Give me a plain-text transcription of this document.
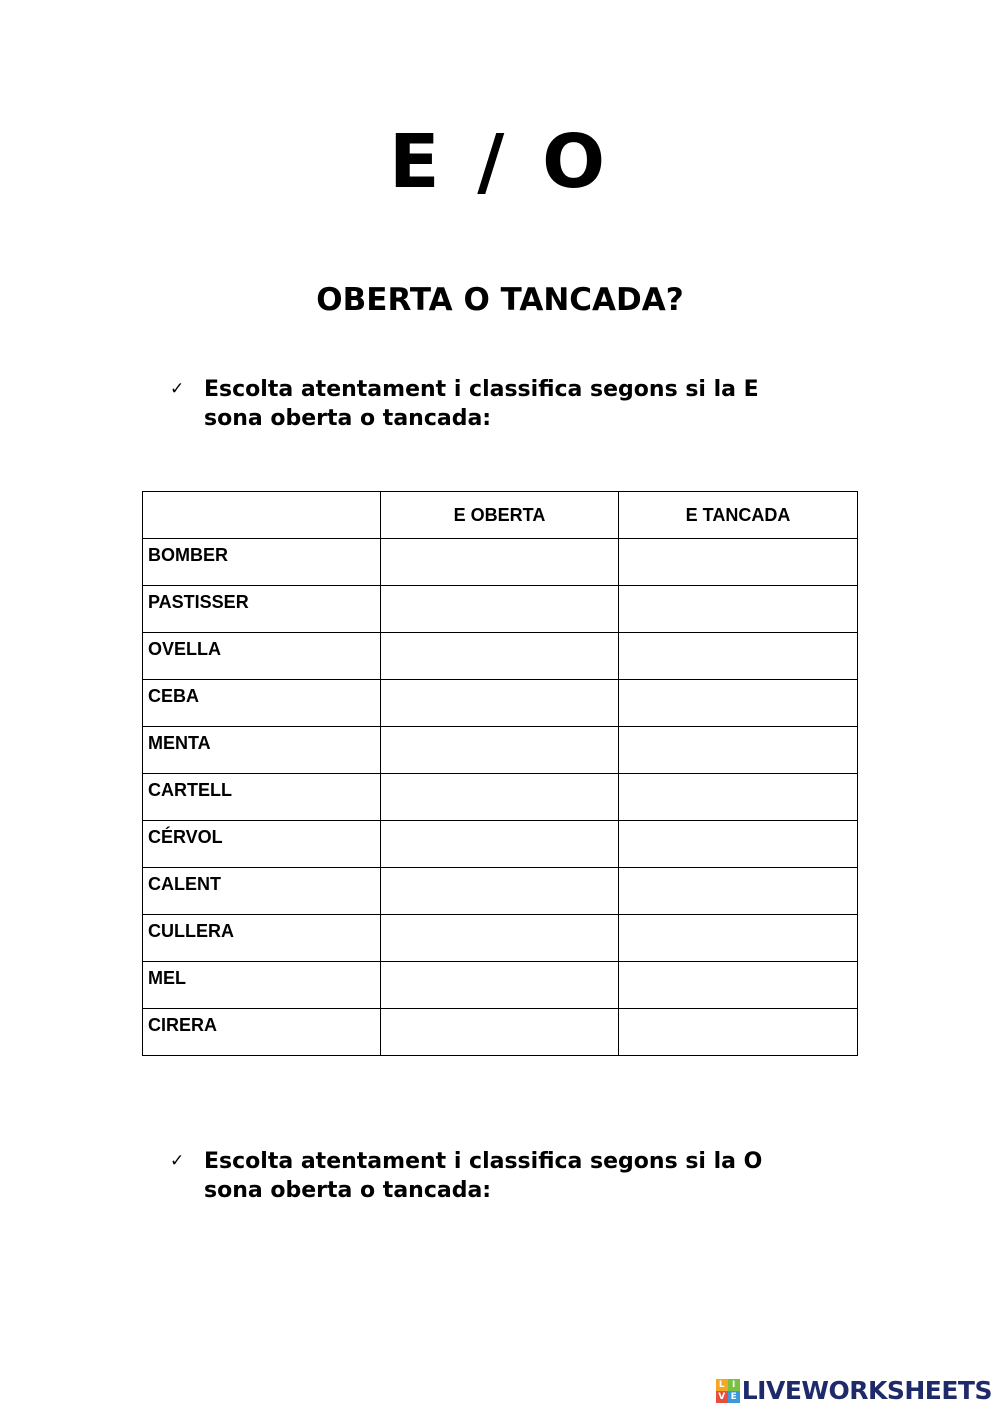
E / O
OBERTA O TANCADA?
✓ Escolta atentament i classifica segons si la E sona oberta o tancada:

	E OBERTA	E TANCADA

BOMBER		

PASTISSER		

OVELLA		

CEBA		

MENTA		

CARTELL		

CÉRVOL		

CALENT		

CULLERA		

MEL		

CIRERA		

✓ Escolta atentament i classifica segons si la O sona oberta o tancada:
L I
V E LIVEWORKSHEETS
